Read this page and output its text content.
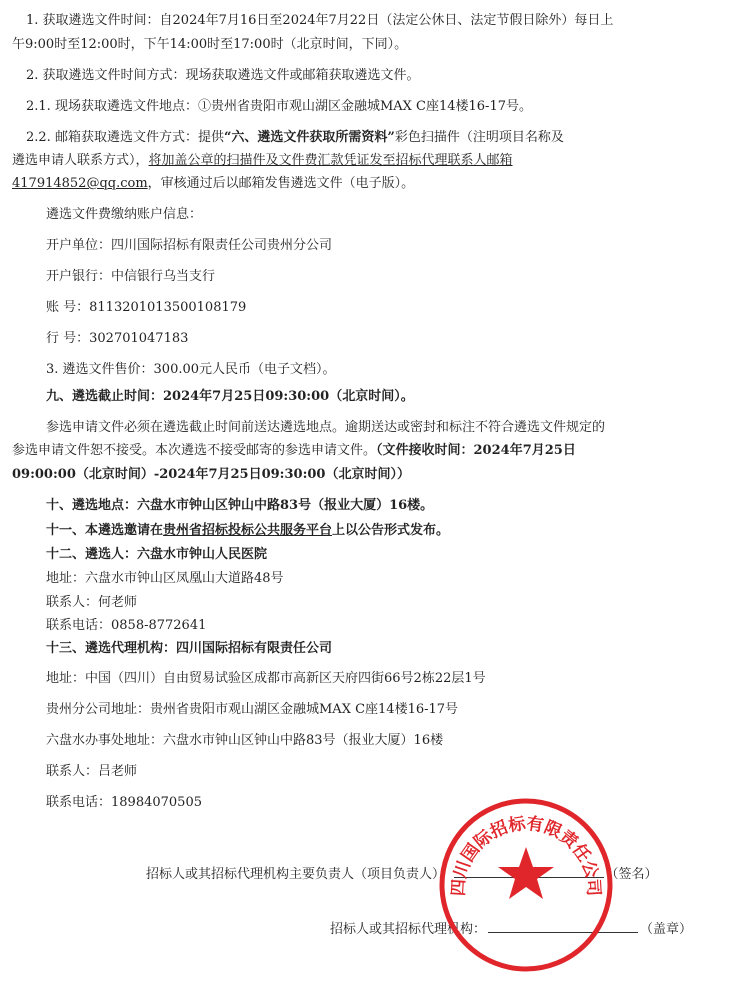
1. 获取遴选文件时间：自2024年7月16日至2024年7月22日（法定公休日、法定节假日除外）每日上
午9:00时至12:00时，下午14:00时至17:00时（北京时间，下同）。
2. 获取遴选文件时间方式：现场获取遴选文件或邮箱获取遴选文件。
2.1. 现场获取遴选文件地点：①贵州省贵阳市观山湖区金融城MAX C座14楼16-17号。
2.2. 邮箱获取遴选文件方式：提供“六、遴选文件获取所需资料”彩色扫描件（注明项目名称及
遴选申请人联系方式），将加盖公章的扫描件及文件费汇款凭证发至招标代理联系人邮箱
417914852@qq.com，审核通过后以邮箱发售遴选文件（电子版）。
遴选文件费缴纳账户信息：
开户单位：四川国际招标有限责任公司贵州分公司
开户银行：中信银行乌当支行
账 号：8113201013500108179
行 号：302701047183
3. 遴选文件售价：300.00元人民币（电子文档）。
九、遴选截止时间：2024年7月25日09:30:00（北京时间）。
参选申请文件必须在遴选截止时间前送达遴选地点。逾期送达或密封和标注不符合遴选文件规定的
参选申请文件恕不接受。本次遴选不接受邮寄的参选申请文件。（文件接收时间：2024年7月25日
09:00:00（北京时间）-2024年7月25日09:30:00（北京时间））
十、遴选地点：六盘水市钟山区钟山中路83号（报业大厦）16楼。
十一、本遴选邀请在贵州省招标投标公共服务平台上以公告形式发布。
十二、遴选人：六盘水市钟山人民医院
地址：六盘水市钟山区凤凰山大道路48号
联系人：何老师
联系电话：0858-8772641
十三、遴选代理机构：四川国际招标有限责任公司
地址：中国（四川）自由贸易试验区成都市高新区天府四街66号2栋22层1号
贵州分公司地址：贵州省贵阳市观山湖区金融城MAX C座14楼16-17号
六盘水办事处地址：六盘水市钟山区钟山中路83号（报业大厦）16楼
联系人：吕老师
联系电话：18984070505
招标人或其招标代理机构主要负责人（项目负责人）：	（签名）
招标人或其招标代理机构：	（盖章）
四川国际招标有限责任公司
